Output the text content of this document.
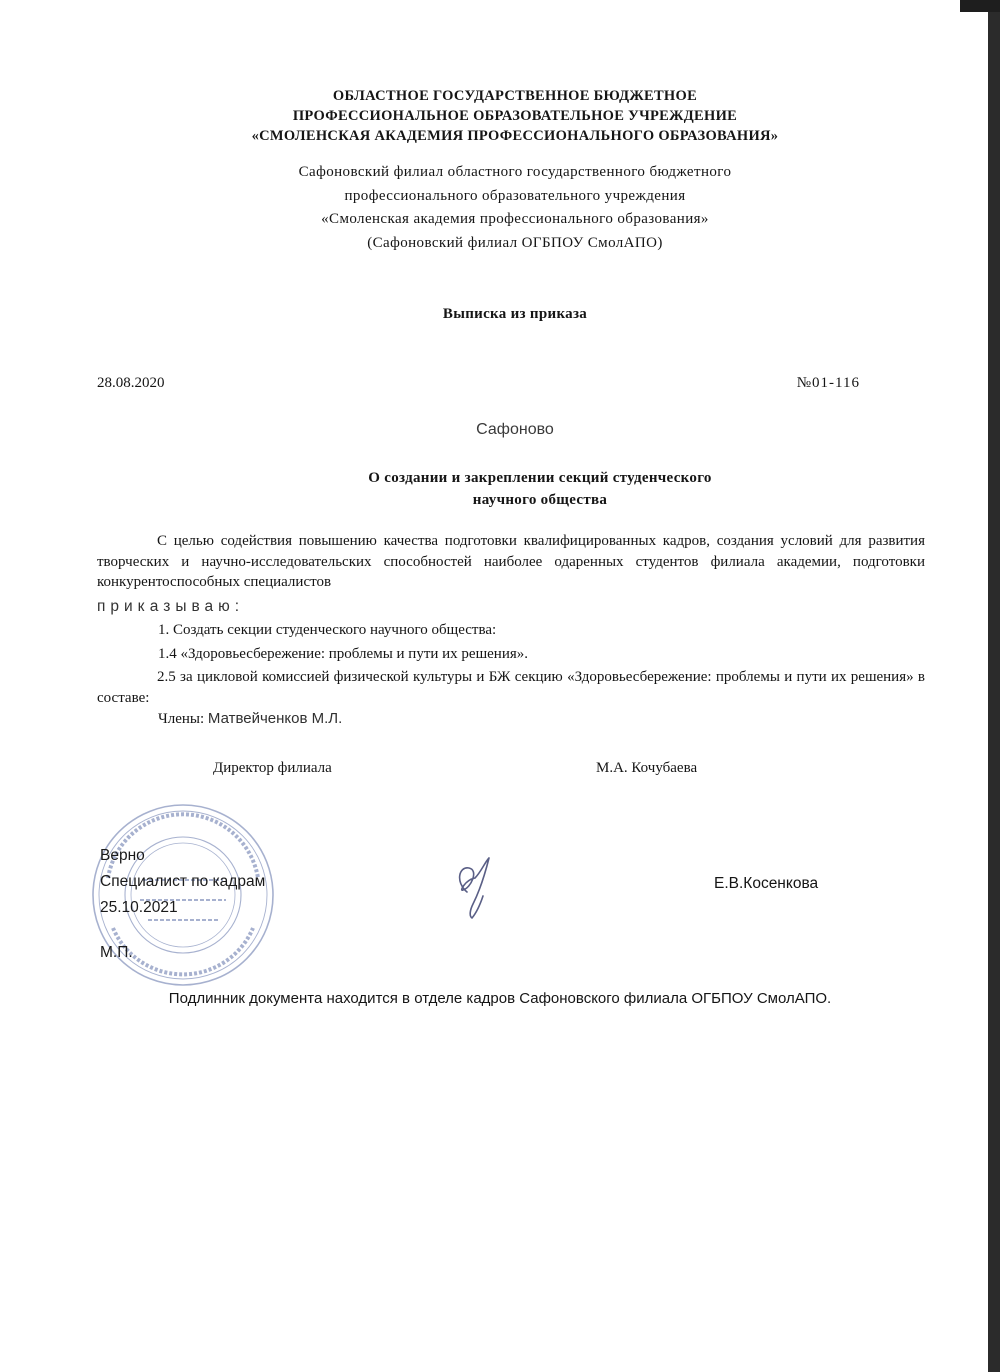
ОБЛАСТНОЕ ГОСУДАРСТВЕННОЕ БЮДЖЕТНОЕ
ПРОФЕССИОНАЛЬНОЕ ОБРАЗОВАТЕЛЬНОЕ УЧРЕЖДЕНИЕ
«СМОЛЕНСКАЯ АКАДЕМИЯ ПРОФЕССИОНАЛЬНОГО ОБРАЗОВАНИЯ»
Сафоновский филиал областного государственного бюджетного
профессионального образовательного учреждения
«Смоленская академия профессионального образования»
(Сафоновский филиал ОГБПОУ СмолАПО)
Выписка из приказа
28.08.2020	№01-116
Сафоново
О создании и закреплении секций студенческого
научного общества
С целью содействия повышению качества подготовки квалифицированных кадров, создания условий для развития творческих и научно-исследовательских способностей наиболее одаренных студентов филиала академии, подготовки конкурентоспособных специалистов
приказываю:
1. Создать секции студенческого научного общества:
1.4 «Здоровьесбережение: проблемы и пути их решения».
2.5 за цикловой комиссией физической культуры и БЖ секцию «Здоровьесбережение: проблемы и пути их решения» в составе:
Члены: Матвейченков М.Л.
Директор филиала	М.А. Кочубаева
Верно
Специалист по кадрам
25.10.2021
М.П.
Е.В.Косенкова
Подлинник документа находится в отделе кадров Сафоновского филиала ОГБПОУ СмолАПО.
